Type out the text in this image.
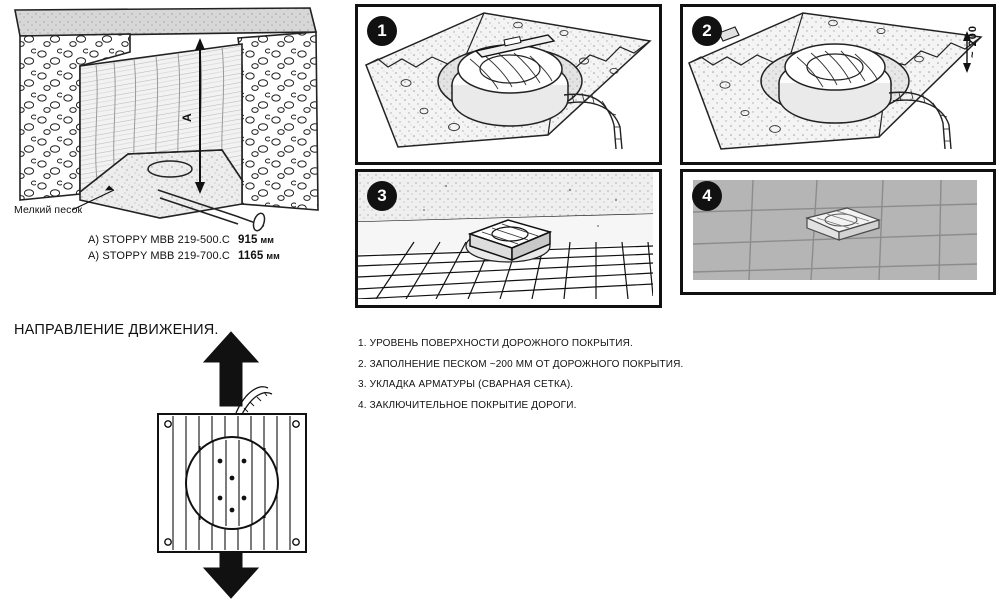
A
Мелкий песок
A) STOPPY MBB 219-500.C 915 мм
A) STOPPY MBB 219-700.C 1165 мм
НАПРАВЛЕНИЕ ДВИЖЕНИЯ.
1	2	~ 200
3	4
1. УРОВЕНЬ ПОВЕРХНОСТИ ДОРОЖНОГО ПОКРЫТИЯ.
2. ЗАПОЛНЕНИЕ ПЕСКОМ ~200 ММ ОТ ДОРОЖНОГО ПОКРЫТИЯ.
3. УКЛАДКА АРМАТУРЫ (СВАРНАЯ СЕТКА).
4. ЗАКЛЮЧИТЕЛЬНОЕ ПОКРЫТИЕ ДОРОГИ.
